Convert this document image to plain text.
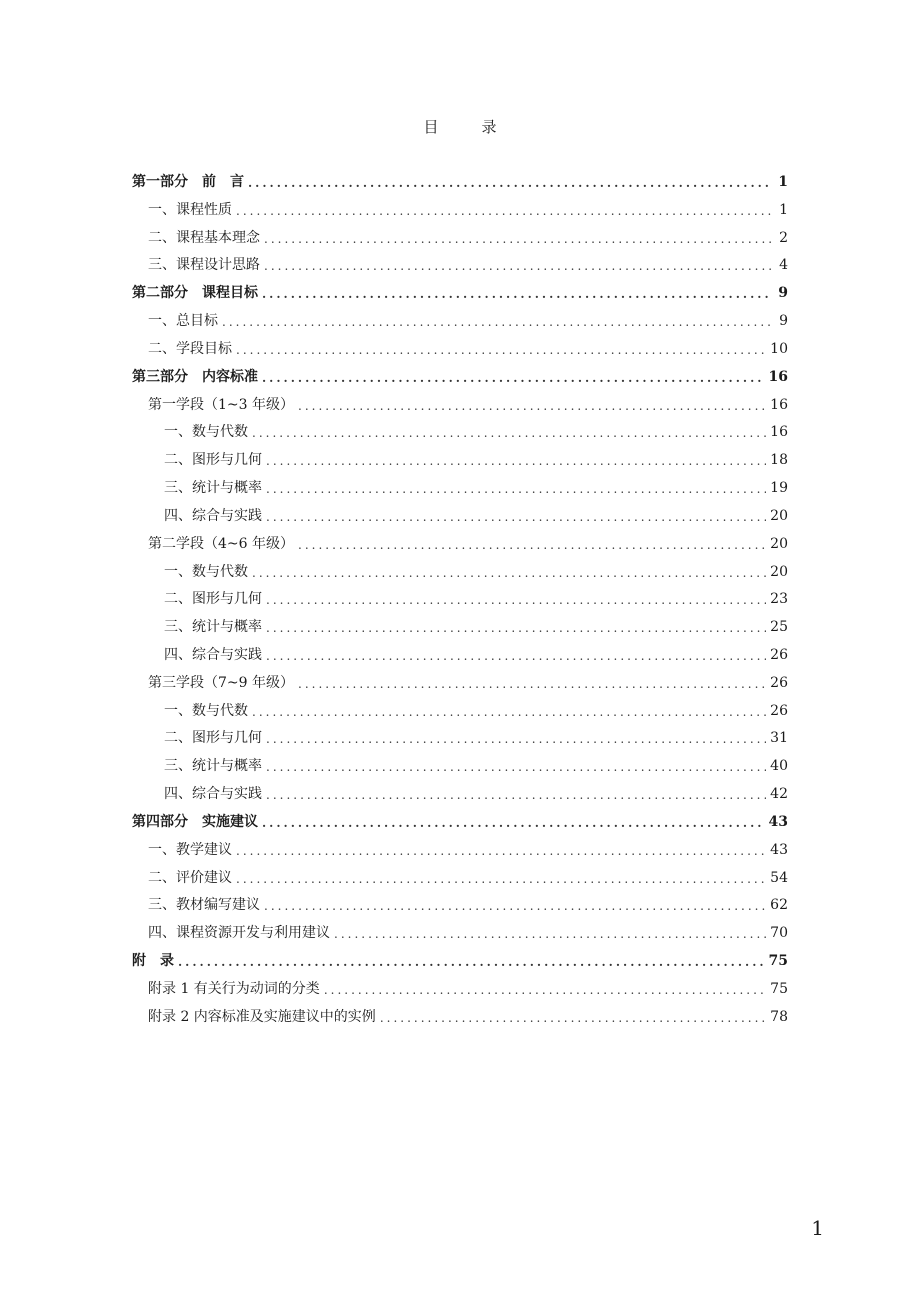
目　录
第一部分　前　言 .....	1
一、课程性质 .....	1
二、课程基本理念 .....	2
三、课程设计思路 .....	4
第二部分　课程目标 .....	9
一、总目标 .....	9
二、学段目标 .....	10
第三部分　内容标准 .....	16
第一学段（1~3 年级） .....	16
一、数与代数 .....	16
二、图形与几何 .....	18
三、统计与概率 .....	19
四、综合与实践 .....	20
第二学段（4~6 年级） .....	20
一、数与代数 .....	20
二、图形与几何 .....	23
三、统计与概率 .....	25
四、综合与实践 .....	26
第三学段（7~9 年级） .....	26
一、数与代数 .....	26
二、图形与几何 .....	31
三、统计与概率 .....	40
四、综合与实践 .....	42
第四部分　实施建议 .....	43
一、教学建议 .....	43
二、评价建议 .....	54
三、教材编写建议 .....	62
四、课程资源开发与利用建议 .....	70
附　录 .....	75
附录 1 有关行为动词的分类 .....	75
附录 2 内容标准及实施建议中的实例 .....	78
1
